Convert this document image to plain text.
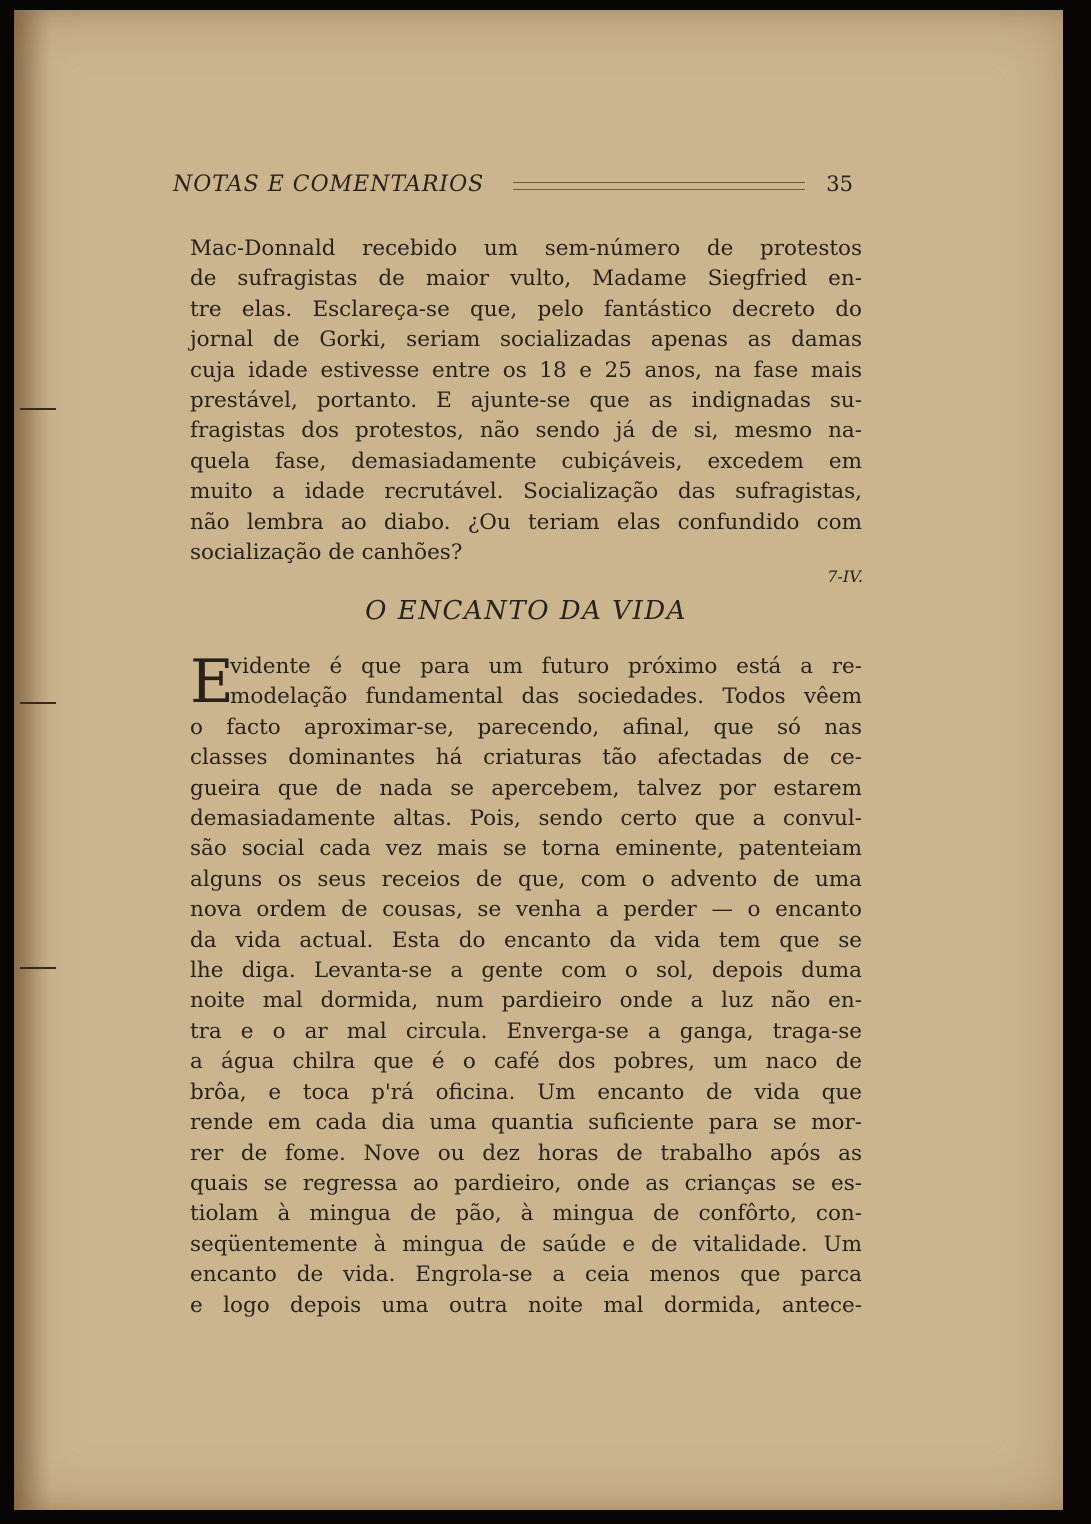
NOTAS E COMENTARIOS	35
Mac-Donnald recebido um sem-número de protestos
de sufragistas de maior vulto, Madame Siegfried en-
tre elas. Esclareça-se que, pelo fantástico decreto do
jornal de Gorki, seriam socializadas apenas as damas
cuja idade estivesse entre os 18 e 25 anos, na fase mais
prestável, portanto. E ajunte-se que as indignadas su-
fragistas dos protestos, não sendo já de si, mesmo na-
quela fase, demasiadamente cubiçáveis, excedem em
muito a idade recrutável. Socialização das sufragistas,
não lembra ao diabo. ¿Ou teriam elas confundido com
socialização de canhões?
7-IV.
O ENCANTO DA VIDA
E
vidente é que para um futuro próximo está a re-
modelação fundamental das sociedades. Todos vêem
o facto aproximar-se, parecendo, afinal, que só nas
classes dominantes há criaturas tão afectadas de ce-
gueira que de nada se apercebem, talvez por estarem
demasiadamente altas. Pois, sendo certo que a convul-
são social cada vez mais se torna eminente, patenteiam
alguns os seus receios de que, com o advento de uma
nova ordem de cousas, se venha a perder — o encanto
da vida actual. Esta do encanto da vida tem que se
lhe diga. Levanta-se a gente com o sol, depois duma
noite mal dormida, num pardieiro onde a luz não en-
tra e o ar mal circula. Enverga-se a ganga, traga-se
a água chilra que é o café dos pobres, um naco de
brôa, e toca p'rá oficina. Um encanto de vida que
rende em cada dia uma quantia suficiente para se mor-
rer de fome. Nove ou dez horas de trabalho após as
quais se regressa ao pardieiro, onde as crianças se es-
tiolam à mingua de pão, à mingua de confôrto, con-
seqüentemente à mingua de saúde e de vitalidade. Um
encanto de vida. Engrola-se a ceia menos que parca
e logo depois uma outra noite mal dormida, antece-
